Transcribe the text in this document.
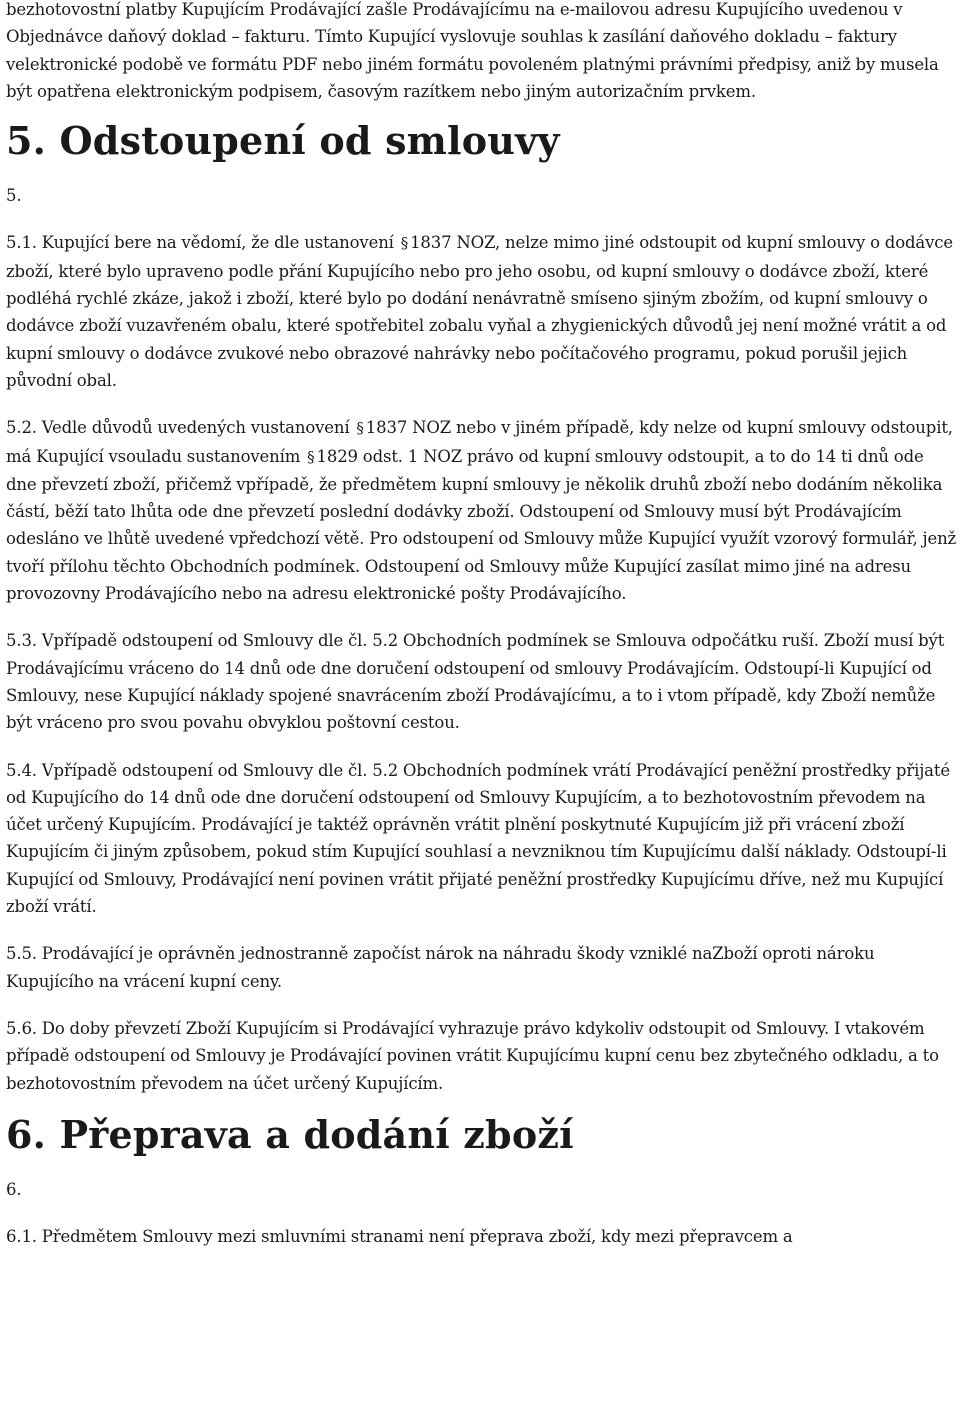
bezhotovostní platby Kupujícím Prodávající zašle Prodávajícímu na e-mailovou adresu Kupujícího uvedenou v Objednávce daňový doklad – fakturu. Tímto Kupující vyslovuje souhlas k zasílání daňového dokladu – faktury velektronické podobě ve formátu PDF nebo jiném formátu povoleném platnými právními předpisy, aniž by musela být opatřena elektronickým podpisem, časovým razítkem nebo jiným autorizačním prvkem.

5. Odstoupení od smlouvy

5.

5.1. Kupující bere na vědomí, že dle ustanovení § 1837 NOZ, nelze mimo jiné odstoupit od kupní smlouvy o dodávce zboží, které bylo upraveno podle přání Kupujícího nebo pro jeho osobu, od kupní smlouvy o dodávce zboží, které podléhá rychlé zkáze, jakož i zboží, které bylo po dodání nenávratně smíseno sjiným zbožím, od kupní smlouvy o dodávce zboží vuzavřeném obalu, které spotřebitel zobalu vyňal a zhygienických důvodů jej není možné vrátit a od kupní smlouvy o dodávce zvukové nebo obrazové nahrávky nebo počítačového programu, pokud porušil jejich původní obal.

5.2. Vedle důvodů uvedených vustanovení § 1837 NOZ nebo v jiném případě, kdy nelze od kupní smlouvy odstoupit, má Kupující vsouladu sustanovením § 1829 odst. 1 NOZ právo od kupní smlouvy odstoupit, a to do 14 ti dnů ode dne převzetí zboží, přičemž vpřípadě, že předmětem kupní smlouvy je několik druhů zboží nebo dodáním několika částí, běží tato lhůta ode dne převzetí poslední dodávky zboží. Odstoupení od Smlouvy musí být Prodávajícím odesláno ve lhůtě uvedené vpředchozí větě. Pro odstoupení od Smlouvy může Kupující využít vzorový formulář, jenž tvoří přílohu těchto Obchodních podmínek. Odstoupení od Smlouvy může Kupující zasílat mimo jiné na adresu provozovny Prodávajícího nebo na adresu elektronické pošty Prodávajícího.

5.3. Vpřípadě odstoupení od Smlouvy dle čl. 5.2 Obchodních podmínek se Smlouva odpočátku ruší. Zboží musí být Prodávajícímu vráceno do 14 dnů ode dne doručení odstoupení od smlouvy Prodávajícím. Odstoupí-li Kupující od Smlouvy, nese Kupující náklady spojené snavrácením zboží Prodávajícímu, a to i vtom případě, kdy Zboží nemůže být vráceno pro svou povahu obvyklou poštovní cestou.

5.4. Vpřípadě odstoupení od Smlouvy dle čl. 5.2 Obchodních podmínek vrátí Prodávající peněžní prostředky přijaté od Kupujícího do 14 dnů ode dne doručení odstoupení od Smlouvy Kupujícím, a to bezhotovostním převodem na účet určený Kupujícím. Prodávající je taktéž oprávněn vrátit plnění poskytnuté Kupujícím již při vrácení zboží Kupujícím či jiným způsobem, pokud stím Kupující souhlasí a nevzniknou tím Kupujícímu další náklady. Odstoupí-li Kupující od Smlouvy, Prodávající není povinen vrátit přijaté peněžní prostředky Kupujícímu dříve, než mu Kupující zboží vrátí.

5.5. Prodávající je oprávněn jednostranně započíst nárok na náhradu škody vzniklé naZboží oproti nároku Kupujícího na vrácení kupní ceny.

5.6. Do doby převzetí Zboží Kupujícím si Prodávající vyhrazuje právo kdykoliv odstoupit od Smlouvy. I vtakovém případě odstoupení od Smlouvy je Prodávající povinen vrátit Kupujícímu kupní cenu bez zbytečného odkladu, a to bezhotovostním převodem na účet určený Kupujícím.

6. Přeprava a dodání zboží

6.

6.1. Předmětem Smlouvy mezi smluvními stranami není přeprava zboží, kdy mezi přepravcem a
